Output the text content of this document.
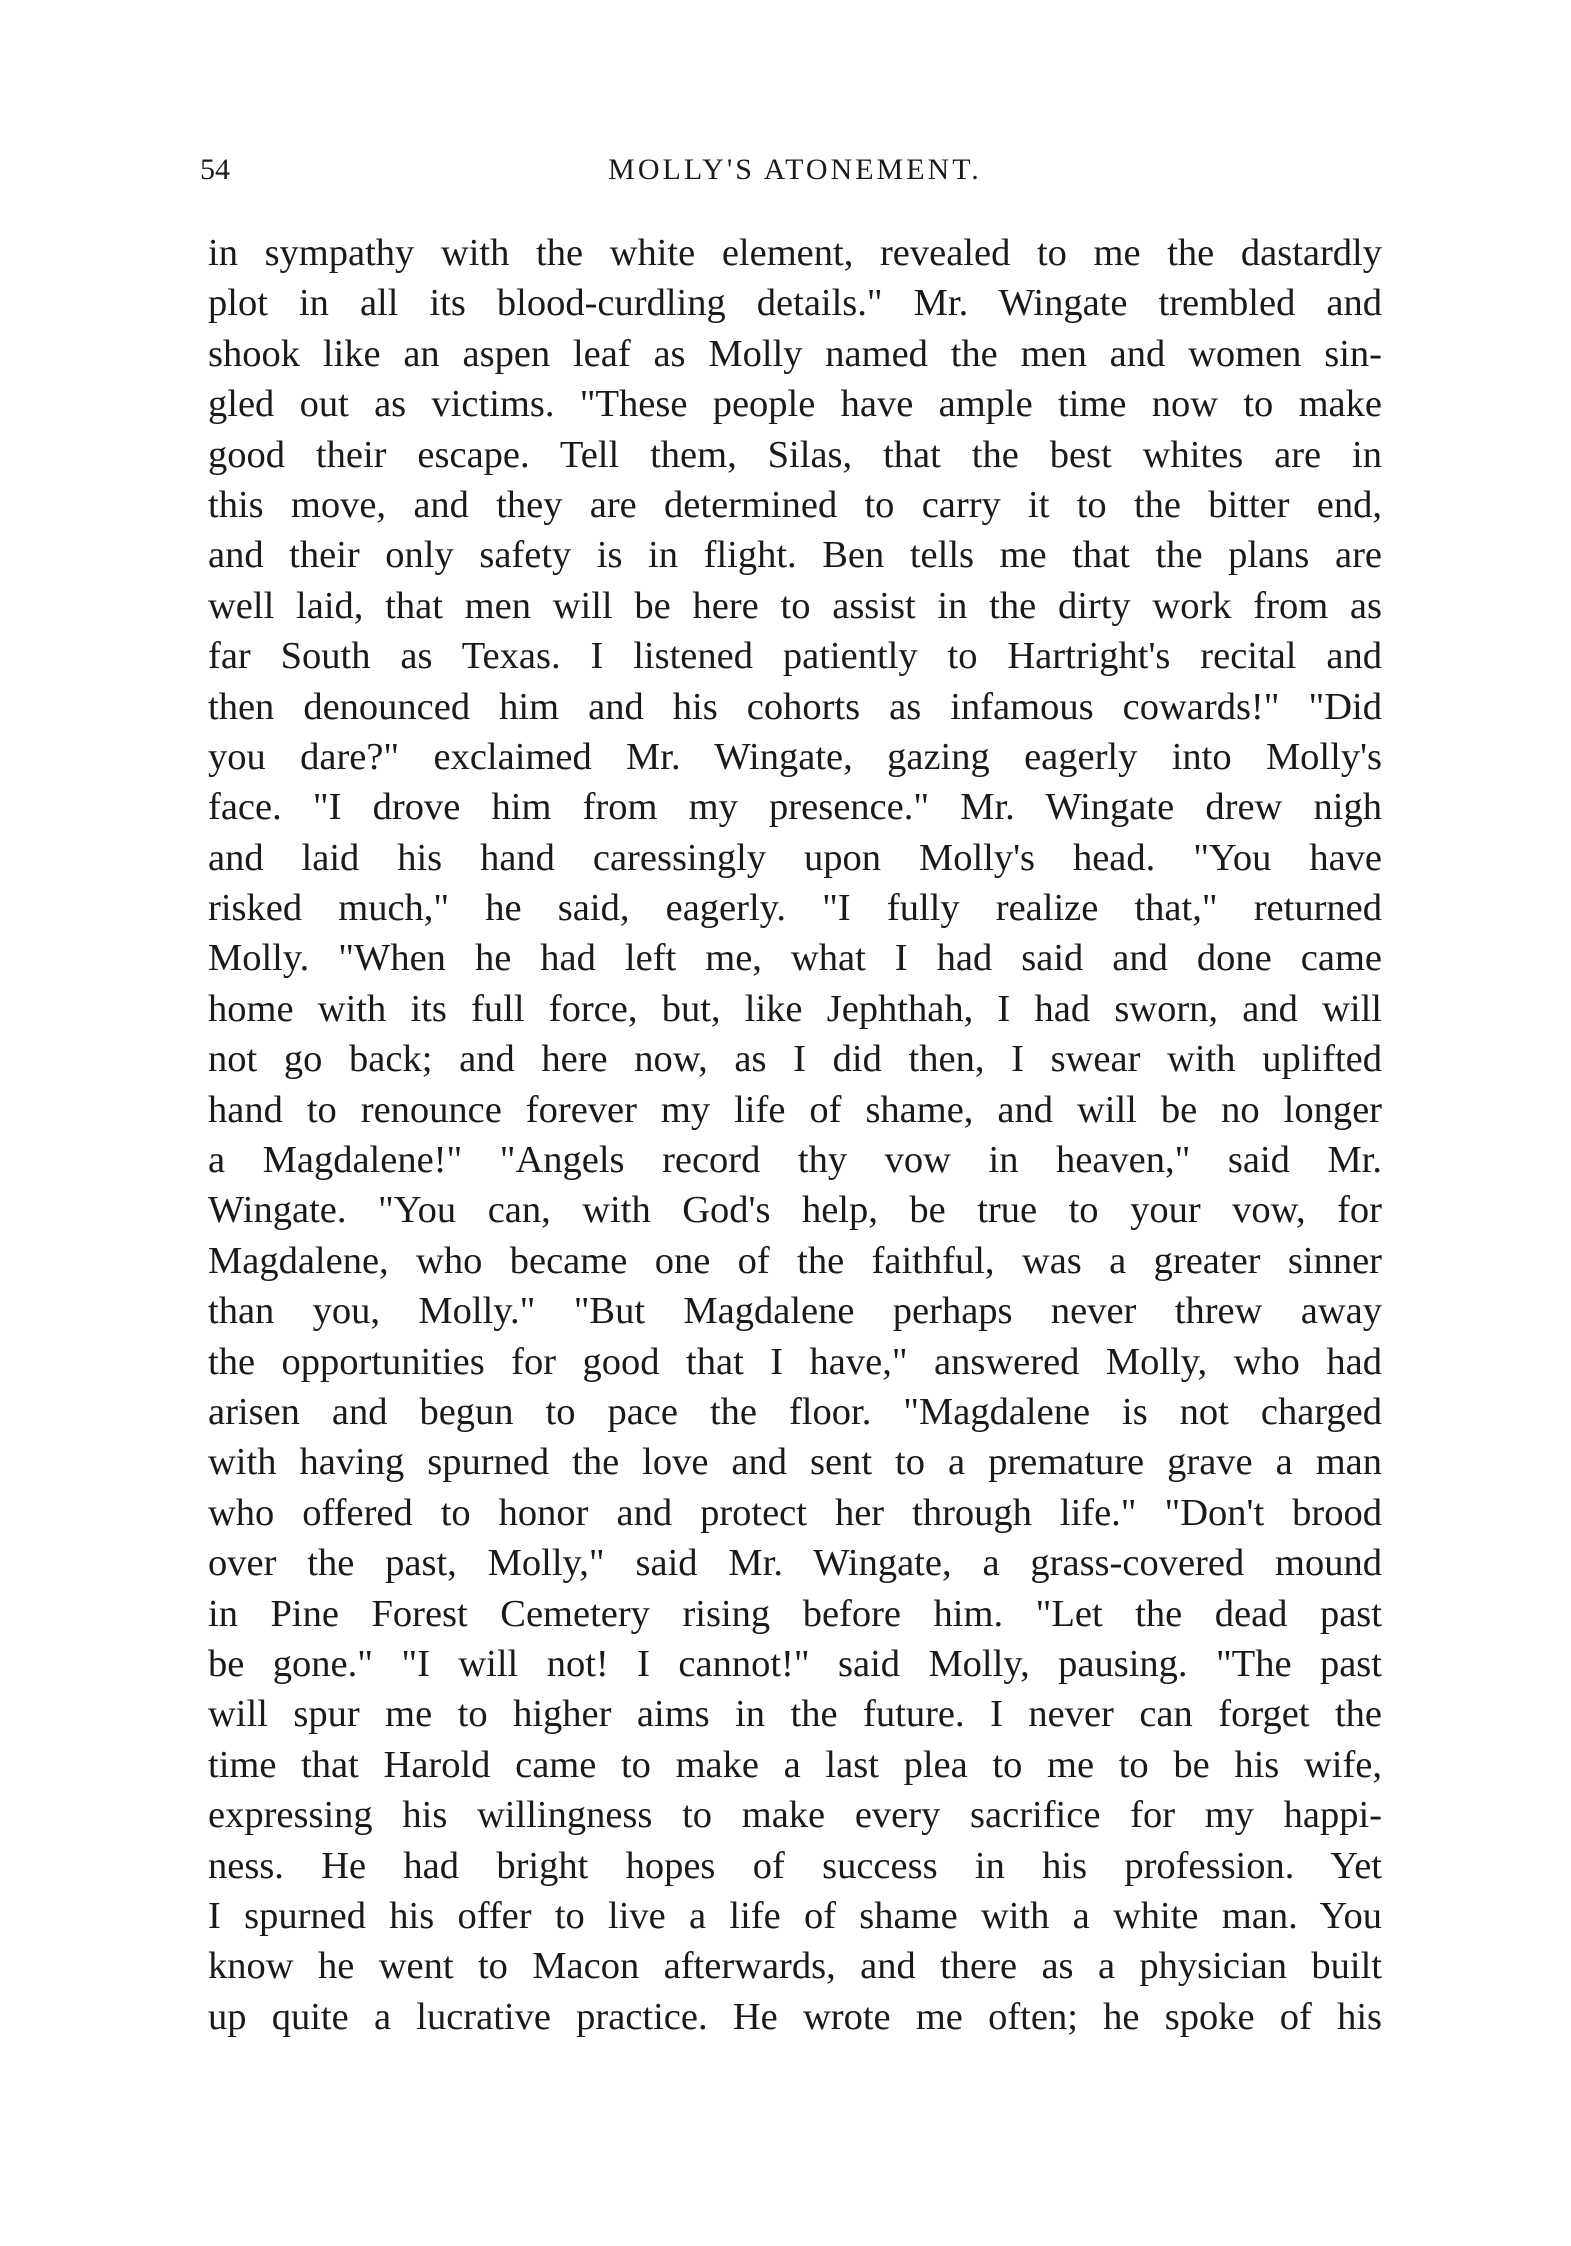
54	MOLLY'S ATONEMENT.
in sympathy with the white element, revealed to me the dastardly
plot in all its blood-curdling details." Mr. Wingate trembled and
shook like an aspen leaf as Molly named the men and women sin-
gled out as victims. "These people have ample time now to make
good their escape. Tell them, Silas, that the best whites are in
this move, and they are determined to carry it to the bitter end,
and their only safety is in flight. Ben tells me that the plans are
well laid, that men will be here to assist in the dirty work from as
far South as Texas. I listened patiently to Hartright's recital and
then denounced him and his cohorts as infamous cowards!" "Did
you dare?" exclaimed Mr. Wingate, gazing eagerly into Molly's
face. "I drove him from my presence." Mr. Wingate drew nigh
and laid his hand caressingly upon Molly's head. "You have
risked much," he said, eagerly. "I fully realize that," returned
Molly. "When he had left me, what I had said and done came
home with its full force, but, like Jephthah, I had sworn, and will
not go back; and here now, as I did then, I swear with uplifted
hand to renounce forever my life of shame, and will be no longer
a Magdalene!" "Angels record thy vow in heaven," said Mr.
Wingate. "You can, with God's help, be true to your vow, for
Magdalene, who became one of the faithful, was a greater sinner
than you, Molly." "But Magdalene perhaps never threw away
the opportunities for good that I have," answered Molly, who had
arisen and begun to pace the floor. "Magdalene is not charged
with having spurned the love and sent to a premature grave a man
who offered to honor and protect her through life." "Don't brood
over the past, Molly," said Mr. Wingate, a grass-covered mound
in Pine Forest Cemetery rising before him. "Let the dead past
be gone." "I will not! I cannot!" said Molly, pausing. "The past
will spur me to higher aims in the future. I never can forget the
time that Harold came to make a last plea to me to be his wife,
expressing his willingness to make every sacrifice for my happi-
ness. He had bright hopes of success in his profession. Yet
I spurned his offer to live a life of shame with a white man. You
know he went to Macon afterwards, and there as a physician built
up quite a lucrative practice. He wrote me often; he spoke of his
